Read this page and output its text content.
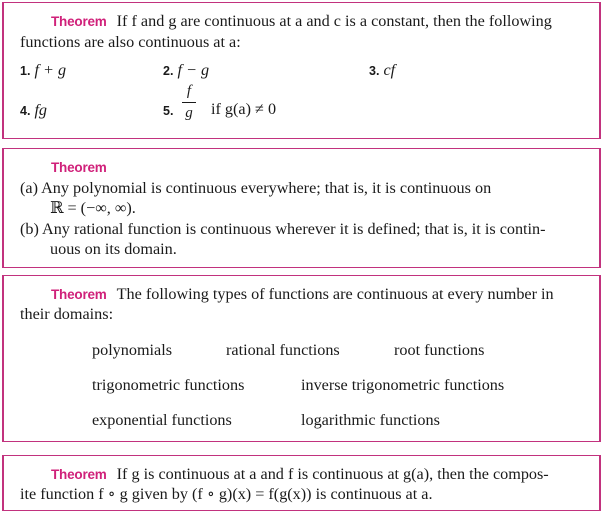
Theorem If f and g are continuous at a and c is a constant, then the following
functions are also continuous at a:
1. f + g	2. f − g	3. cf
4. fg	5.
f
g if g(a) ≠ 0
Theorem
(a) Any polynomial is continuous everywhere; that is, it is continuous on
ℝ = (−∞, ∞).
(b) Any rational function is continuous wherever it is defined; that is, it is contin-
uous on its domain.
Theorem The following types of functions are continuous at every number in
their domains:
polynomials	rational functions	root functions
trigonometric functions	inverse trigonometric functions
exponential functions	logarithmic functions
Theorem If g is continuous at a and f is continuous at g(a), then the compos-
ite function f ∘ g given by (f ∘ g)(x) = f(g(x)) is continuous at a.
